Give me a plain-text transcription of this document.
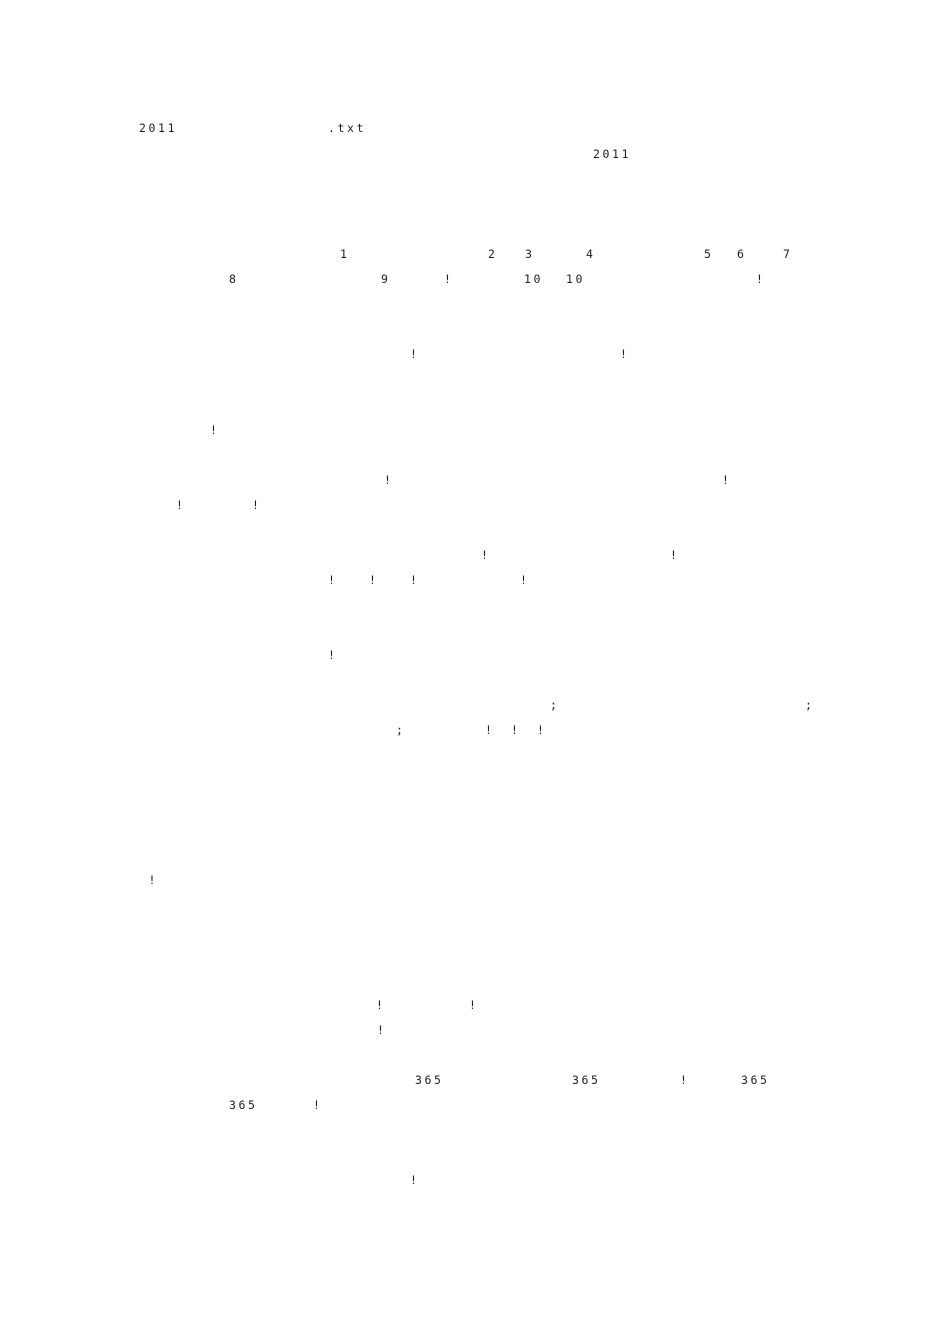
2011	.txt
2011
1	2 3	4	5 6 7
8	9	!	10 10	!

!	!

!

!	!
!	!

!	!
!	!	!	!

!

;	;
;	! ! !
!

!	!
!

365	365	!	365
365	!
!
